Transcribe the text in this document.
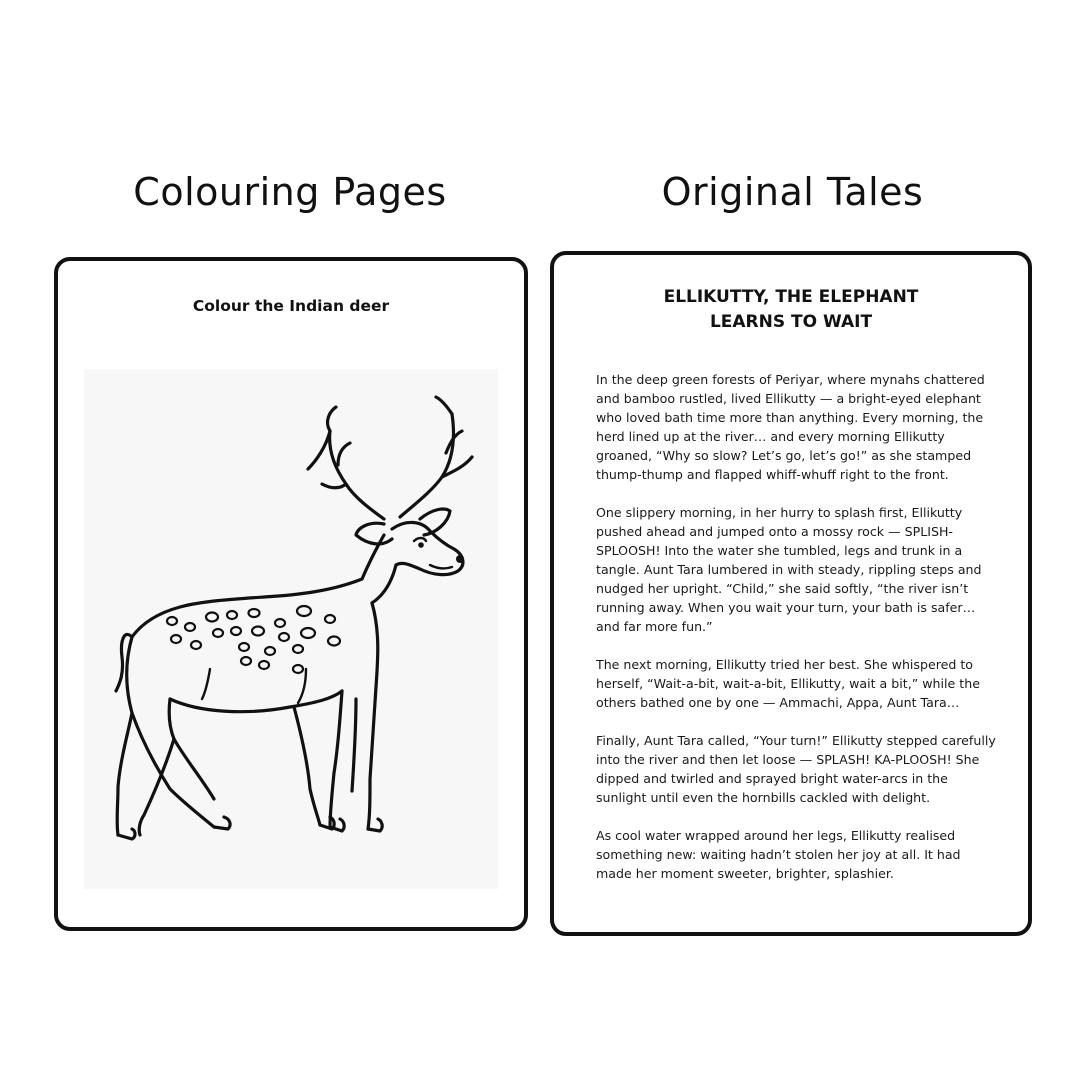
Colouring Pages	Original Tales
Colour the Indian deer	ELLIKUTTY, THE ELEPHANT
LEARNS TO WAIT

In the deep green forests of Periyar, where mynahs chattered and bamboo rustled, lived Ellikutty — a bright-eyed elephant who loved bath time more than anything. Every morning, the herd lined up at the river… and every morning Ellikutty groaned, “Why so slow? Let’s go, let’s go!” as she stamped thump-thump and flapped whiff-whuff right to the front.

One slippery morning, in her hurry to splash first, Ellikutty pushed ahead and jumped onto a mossy rock — SPLISH-SPLOOSH! Into the water she tumbled, legs and trunk in a tangle. Aunt Tara lumbered in with steady, rippling steps and nudged her upright. “Child,” she said softly, “the river isn’t running away. When you wait your turn, your bath is safer… and far more fun.”

The next morning, Ellikutty tried her best. She whispered to herself, “Wait-a-bit, wait-a-bit, Ellikutty, wait a bit,” while the others bathed one by one — Ammachi, Appa, Aunt Tara…

Finally, Aunt Tara called, “Your turn!” Ellikutty stepped carefully into the river and then let loose — SPLASH! KA-PLOOSH! She dipped and twirled and sprayed bright water-arcs in the sunlight until even the hornbills cackled with delight.

As cool water wrapped around her legs, Ellikutty realised something new: waiting hadn’t stolen her joy at all. It had made her moment sweeter, brighter, splashier.
